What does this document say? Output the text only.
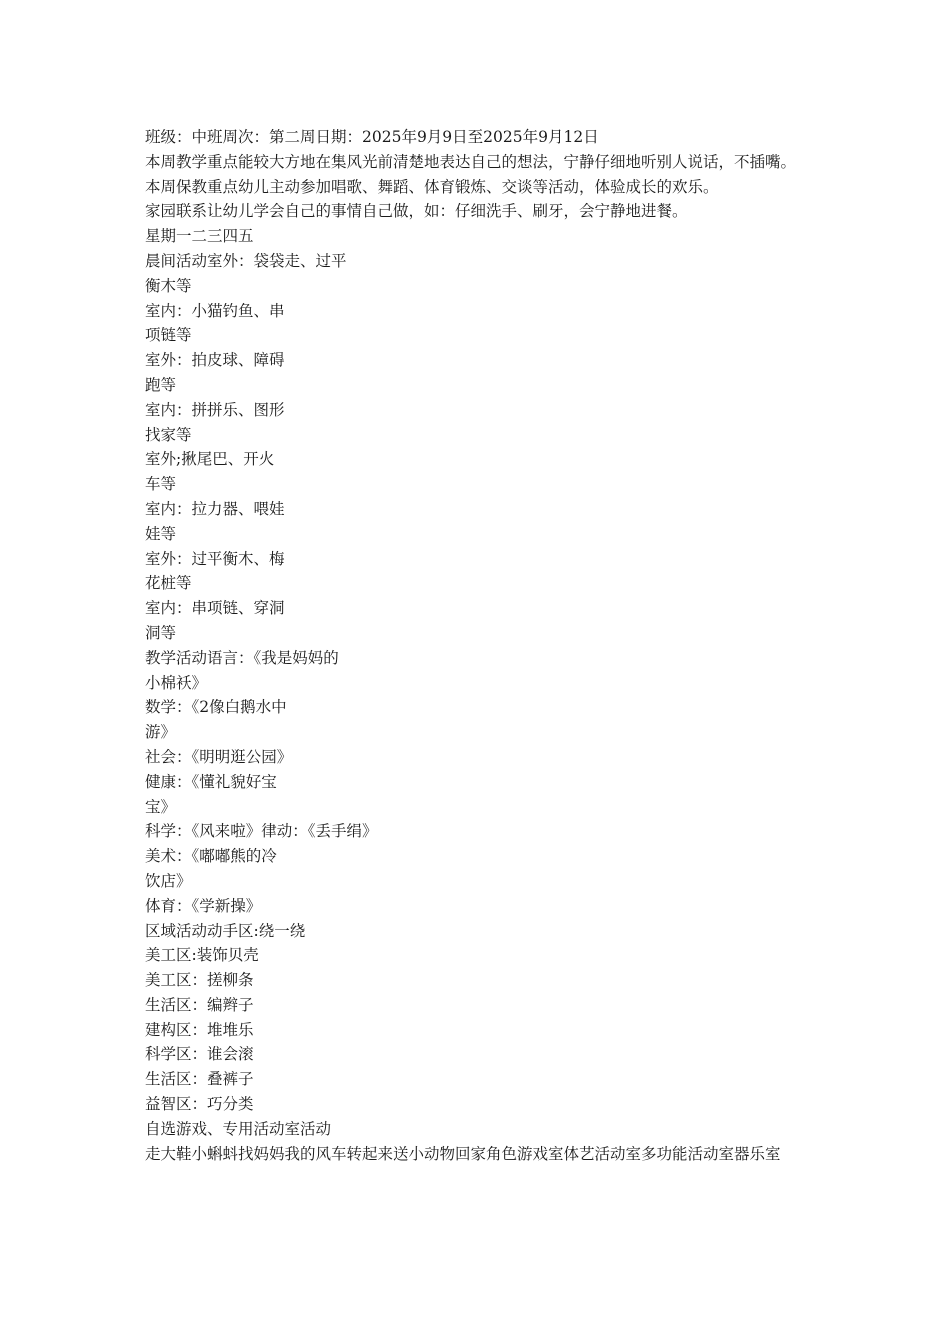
班级：中班周次：第二周日期：2025年9月9日至2025年9月12日
本周教学重点能较大方地在集风光前清楚地表达自己的想法，宁静仔细地听别人说话，不插嘴。
本周保教重点幼儿主动参加唱歌、舞蹈、体育锻炼、交谈等活动，体验成长的欢乐。
家园联系让幼儿学会自己的事情自己做，如：仔细洗手、刷牙，会宁静地进餐。
星期一二三四五
晨间活动室外：袋袋走、过平
衡木等
室内：小猫钓鱼、串
项链等
室外：拍皮球、障碍
跑等
室内：拼拼乐、图形
找家等
室外;揪尾巴、开火
车等
室内：拉力器、喂娃
娃等
室外：过平衡木、梅
花桩等
室内：串项链、穿洞
洞等
教学活动语言：《我是妈妈的
小棉袄》
数学：《2像白鹅水中
游》
社会：《明明逛公园》
健康：《懂礼貌好宝
宝》
科学：《风来啦》律动：《丢手绢》
美术：《嘟嘟熊的冷
饮店》
体育：《学新操》
区域活动动手区:绕一绕
美工区:装饰贝壳
美工区：搓柳条
生活区：编辫子
建构区：堆堆乐
科学区：谁会滚
生活区：叠裤子
益智区：巧分类
自选游戏、专用活动室活动
走大鞋小蝌蚪找妈妈我的风车转起来送小动物回家角色游戏室体艺活动室多功能活动室器乐室
